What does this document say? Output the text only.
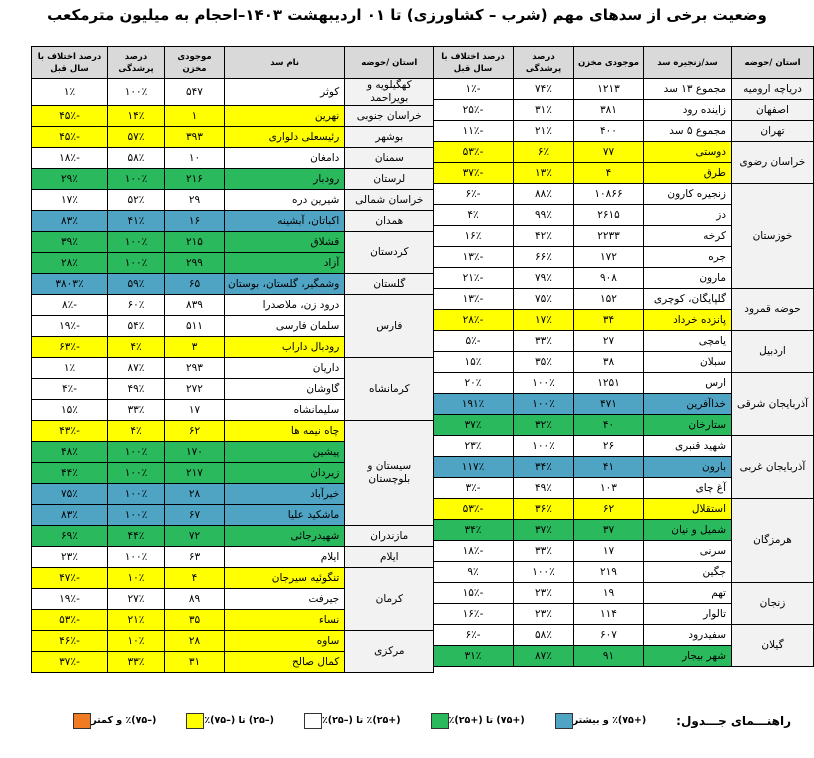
وضعیت برخی از سدهای مهم (شرب – کشاورزی) تا ۰۱ اردیبهشت ۱۴۰۳–احجام به میلیون مترمکعب
استان /حوضه	سد/زنجیره سد	موجودی مخزن	درصد پرشدگی	درصد اختلاف با سال قبل
دریاچه ارومیه	مجموع ۱۳ سد	۱۲۱۳	۷۴٪	-۱٪
اصفهان	زاینده رود	۳۸۱	۳۱٪	-۲۵٪
تهران	مجموع ۵ سد	۴۰۰	۲۱٪	-۱۱٪
خراسان رضوی	دوستی	۷۷	۶٪	-۵۳٪
	طرق	۴	۱۳٪	-۳۷٪
خوزستان	زنجیره کارون	۱۰۸۶۶	۸۸٪	-۶٪
	دز	۲۶۱۵	۹۹٪	۴٪
	کرخه	۲۲۳۳	۴۲٪	۱۶٪
	جره	۱۷۲	۶۶٪	-۱۳٪
	مارون	۹۰۸	۷۹٪	-۲۱٪
حوضه قمرود	گلپایگان، کوچری	۱۵۲	۷۵٪	-۱۳٪
	پانزده خرداد	۳۴	۱۷٪	-۲۸٪
اردبیل	یامچی	۲۷	۳۳٪	-۵٪
	سبلان	۳۸	۳۵٪	۱۵٪
آذربایجان شرقی	ارس	۱۲۵۱	۱۰۰٪	۲۰٪
	خداآفرین	۴۷۱	۱۰۰٪	۱۹۱٪
	ستارخان	۴۰	۳۲٪	۳۷٪
آذربایجان غربی	شهید قنبری	۲۶	۱۰۰٪	۲۳٪
	بارون	۴۱	۳۴٪	۱۱۷٪
	آغ چای	۱۰۳	۴۹٪	-۳٪
هرمزگان	استقلال	۶۲	۳۶٪	-۵۳٪
	شمیل و نیان	۳۷	۳۷٪	۳۴٪
	سرنی	۱۷	۳۳٪	-۱۸٪
	جگین	۲۱۹	۱۰۰٪	۹٪
زنجان	تهم	۱۹	۲۳٪	-۱۵٪
	تالوار	۱۱۴	۲۳٪	-۱۶٪
گیلان	سفیدرود	۶۰۷	۵۸٪	-۶٪
	شهر بیجار	۹۱	۸۷٪	۳۱٪
استان /حوضه	نام سد	موجودی مخزن	درصد پرشدگی	درصد اختلاف با سال قبل
کهگیلویه و بویراحمد	کوثر	۵۴۷	۱۰۰٪	۱٪
خراسان جنوبی	نهرین	۱	۱۴٪	-۴۵٪
بوشهر	رئیسعلی دلواری	۳۹۳	۵۷٪	-۴۵٪
سمنان	دامغان	۱۰	۵۸٪	-۱۸٪
لرستان	رودبار	۲۱۶	۱۰۰٪	۲۹٪
خراسان شمالی	شیرین دره	۲۹	۵۲٪	۱۷٪
همدان	اکباتان، آبشینه	۱۶	۴۱٪	۸۳٪
کردستان	قشلاق	۲۱۵	۱۰۰٪	۳۹٪
	آزاد	۲۹۹	۱۰۰٪	۲۸٪
گلستان	وشمگیر، گلستان، بوستان	۶۵	۵۹٪	۳۸۰۳٪
فارس	درود زن، ملاصدرا	۸۳۹	۶۰٪	-۸٪
	سلمان فارسی	۵۱۱	۵۴٪	-۱۹٪
	رودبال داراب	۳	۴٪	-۶۳٪
کرمانشاه	داریان	۲۹۳	۸۷٪	۱٪
	گاوشان	۲۷۲	۴۹٪	-۴٪
	سلیمانشاه	۱۷	۳۳٪	۱۵٪
سیستان و بلوچستان	چاه نیمه ها	۶۲	۴٪	-۴۳٪
	پیشین	۱۷۰	۱۰۰٪	۴۸٪
	زیردان	۲۱۷	۱۰۰٪	۴۴٪
	خیرآباد	۲۸	۱۰۰٪	۷۵٪
	ماشکید علیا	۶۷	۱۰۰٪	۸۳٪
مازندران	شهیدرجائی	۷۲	۴۴٪	۶۹٪
ایلام	ایلام	۶۳	۱۰۰٪	۲۳٪
کرمان	تنگوئیه سیرجان	۴	۱۰٪	-۴۷٪
	جیرفت	۸۹	۲۷٪	-۱۹٪
	نساء	۳۵	۲۱٪	-۵۳٪
مرکزی	ساوه	۲۸	۱۰٪	-۴۶٪
	کمال صالح	۳۱	۳۳٪	-۳۷٪
راهنـــمای جـــدول:
(+۷۵)٪ و بیشتر
(+۷۵) تا (+۲۵)٪
(+۲۵)٪ تا (–۲۵)٪
(–۲۵) تا (–۷۵)٪
(–۷۵)٪ و کمتر
